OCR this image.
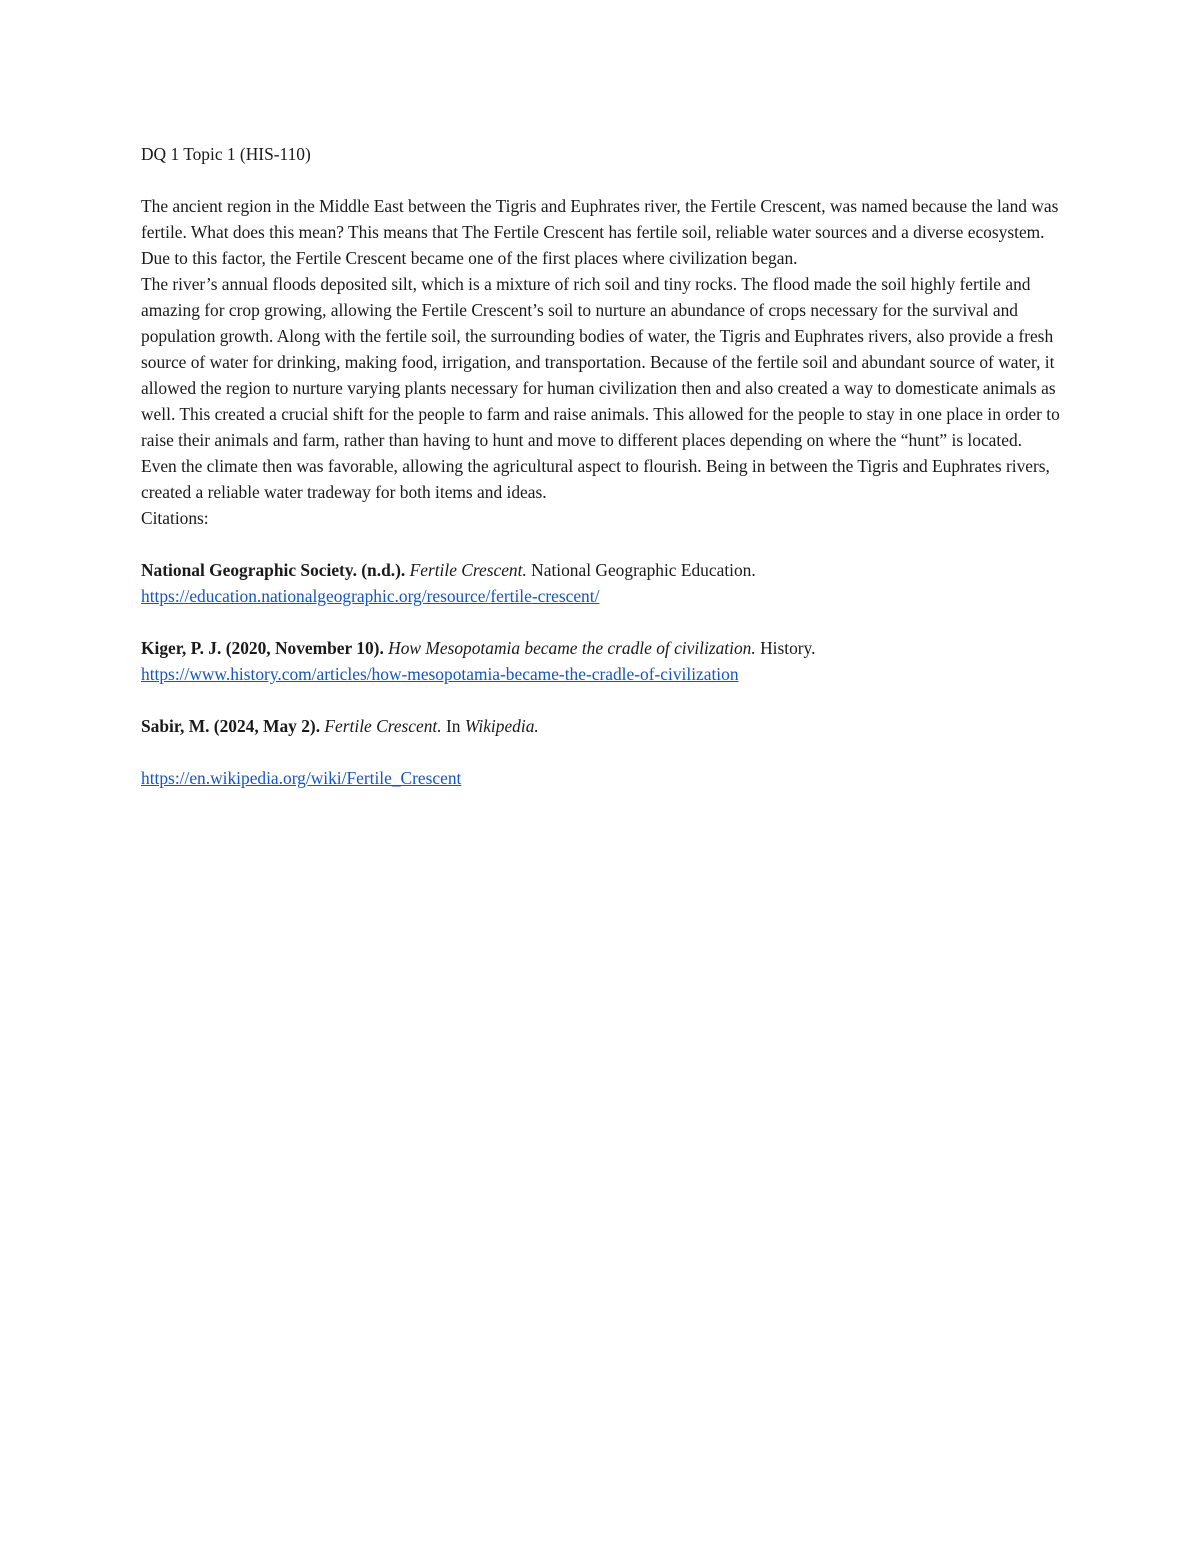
DQ 1 Topic 1 (HIS-110)

The ancient region in the Middle East between the Tigris and Euphrates river, the Fertile Crescent, was named because the land was fertile. What does this mean? This means that The Fertile Crescent has fertile soil, reliable water sources and a diverse ecosystem. Due to this factor, the Fertile Crescent became one of the first places where civilization began.

The river’s annual floods deposited silt, which is a mixture of rich soil and tiny rocks. The flood made the soil highly fertile and amazing for crop growing, allowing the Fertile Crescent’s soil to nurture an abundance of crops necessary for the survival and population growth. Along with the fertile soil, the surrounding bodies of water, the Tigris and Euphrates rivers, also provide a fresh source of water for drinking, making food, irrigation, and transportation. Because of the fertile soil and abundant source of water, it allowed the region to nurture varying plants necessary for human civilization then and also created a way to domesticate animals as well. This created a crucial shift for the people to farm and raise animals. This allowed for the people to stay in one place in order to raise their animals and farm, rather than having to hunt and move to different places depending on where the “hunt” is located. Even the climate then was favorable, allowing the agricultural aspect to flourish. Being in between the Tigris and Euphrates rivers, created a reliable water tradeway for both items and ideas.

Citations:

National Geographic Society. (n.d.). Fertile Crescent. National Geographic Education.

https://education.nationalgeographic.org/resource/fertile-crescent/

Kiger, P. J. (2020, November 10). How Mesopotamia became the cradle of civilization. History.

https://www.history.com/articles/how-mesopotamia-became-the-cradle-of-civilization

Sabir, M. (2024, May 2). Fertile Crescent. In Wikipedia.

https://en.wikipedia.org/wiki/Fertile_Crescent
